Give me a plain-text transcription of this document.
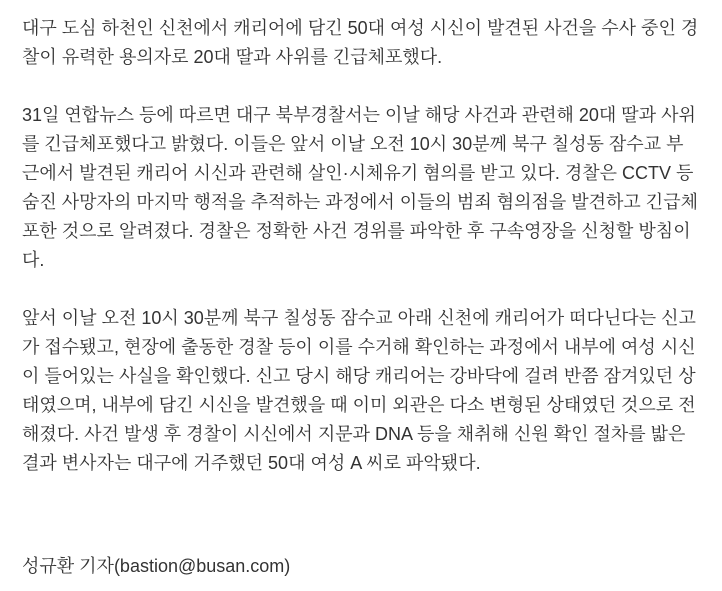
대구 도심 하천인 신천에서 캐리어에 담긴 50대 여성 시신이 발견된 사건을 수사 중인 경찰이 유력한 용의자로 20대 딸과 사위를 긴급체포했다.

31일 연합뉴스 등에 따르면 대구 북부경찰서는 이날 해당 사건과 관련해 20대 딸과 사위를 긴급체포했다고 밝혔다. 이들은 앞서 이날 오전 10시 30분께 북구 칠성동 잠수교 부근에서 발견된 캐리어 시신과 관련해 살인·시체유기 혐의를 받고 있다. 경찰은 CCTV 등 숨진 사망자의 마지막 행적을 추적하는 과정에서 이들의 범죄 혐의점을 발견하고 긴급체포한 것으로 알려졌다. 경찰은 정확한 사건 경위를 파악한 후 구속영장을 신청할 방침이다.

앞서 이날 오전 10시 30분께 북구 칠성동 잠수교 아래 신천에 캐리어가 떠다닌다는 신고가 접수됐고, 현장에 출동한 경찰 등이 이를 수거해 확인하는 과정에서 내부에 여성 시신이 들어있는 사실을 확인했다. 신고 당시 해당 캐리어는 강바닥에 걸려 반쯤 잠겨있던 상태였으며, 내부에 담긴 시신을 발견했을 때 이미 외관은 다소 변형된 상태였던 것으로 전해졌다. 사건 발생 후 경찰이 시신에서 지문과 DNA 등을 채취해 신원 확인 절차를 밟은 결과 변사자는 대구에 거주했던 50대 여성 A 씨로 파악됐다.

성규환 기자(bastion@busan.com)
